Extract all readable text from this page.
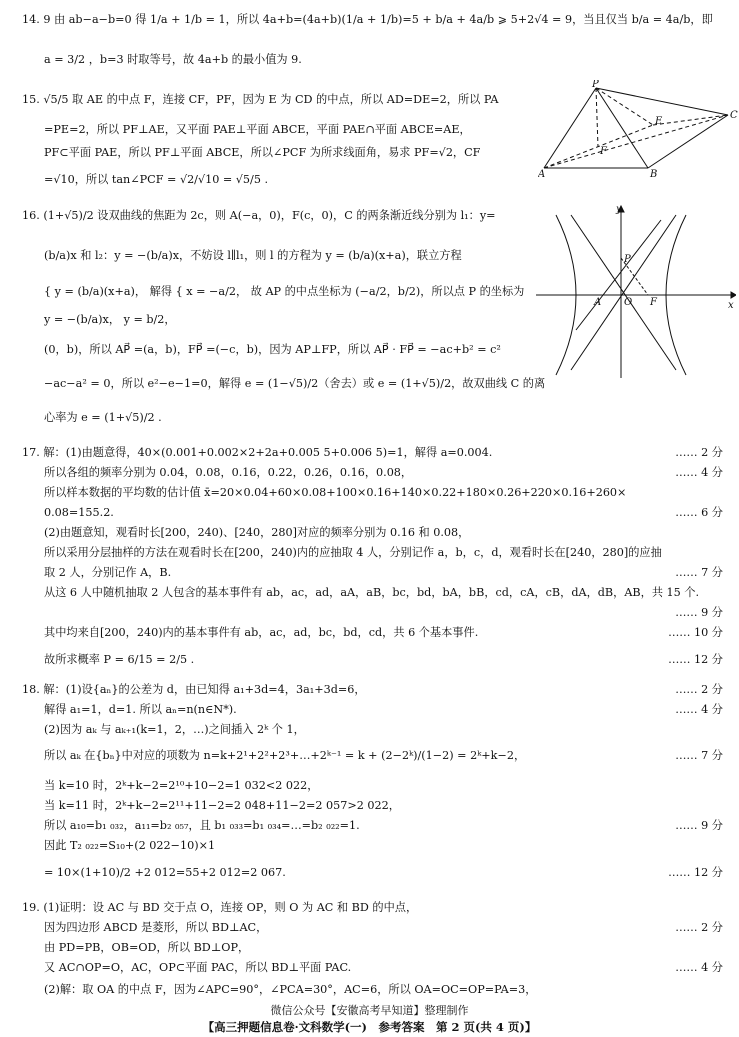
14. 9 由 ab−a−b=0 得 1/a + 1/b = 1，所以 4a+b=(4a+b)(1/a + 1/b)=5 + b/a + 4a/b ⩾ 5+2√4 = 9，当且仅当 b/a = 4a/b，即
a = 3/2 ，b=3 时取等号，故 4a+b 的最小值为 9.
15. √5/5 取 AE 的中点 F，连接 CF，PF，因为 E 为 CD 的中点，所以 AD=DE=2，所以 PA
=PE=2，所以 PF⊥AE，又平面 PAE⊥平面 ABCE，平面 PAE∩平面 ABCE=AE，
PF⊂平面 PAE，所以 PF⊥平面 ABCE，所以∠PCF 为所求线面角，易求 PF=√2，CF
=√10，所以 tan∠PCF = √2/√10 = √5/5 .
P
C
E
F
A	B
16. (1+√5)/2 设双曲线的焦距为 2c，则 A(−a，0)，F(c，0)，C 的两条渐近线分别为 l₁：y=
(b/a)x 和 l₂：y = −(b/a)x，不妨设 l∥l₁，则 l 的方程为 y = (b/a)(x+a)，联立方程
{ y = (b/a)(x+a)， 解得 { x = −a/2， 故 AP 的中点坐标为 (−a/2，b/2)，所以点 P 的坐标为
y = −(b/a)x， y = b/2，
(0，b)，所以 AP⃗ =(a，b)，FP⃗ =(−c，b)，因为 AP⊥FP，所以 AP⃗ · FP⃗ = −ac+b² = c²
−ac−a² = 0，所以 e²−e−1=0，解得 e = (1−√5)/2（舍去）或 e = (1+√5)/2，故双曲线 C 的离
心率为 e = (1+√5)/2 .
y
P
A O F	x
17. 解：(1)由题意得，40×(0.001+0.002×2+2a+0.005 5+0.006 5)=1，解得 a=0.004.	…… 2 分
所以各组的频率分别为 0.04，0.08，0.16，0.22，0.26，0.16，0.08，	…… 4 分
所以样本数据的平均数的估计值 x̄=20×0.04+60×0.08+100×0.16+140×0.22+180×0.26+220×0.16+260×
0.08=155.2.	…… 6 分
(2)由题意知，观看时长[200，240)、[240，280]对应的频率分别为 0.16 和 0.08，
所以采用分层抽样的方法在观看时长在[200，240)内的应抽取 4 人，分别记作 a，b，c，d，观看时长在[240，280]的应抽
取 2 人，分别记作 A，B.	…… 7 分
从这 6 人中随机抽取 2 人包含的基本事件有 ab，ac，ad，aA，aB，bc，bd，bA，bB，cd，cA，cB，dA，dB，AB，共 15 个.
…… 9 分
其中均来自[200，240)内的基本事件有 ab，ac，ad，bc，bd，cd，共 6 个基本事件.	…… 10 分
故所求概率 P = 6/15 = 2/5 .	…… 12 分
18. 解：(1)设{aₙ}的公差为 d，由已知得 a₁+3d=4，3a₁+3d=6，	…… 2 分
解得 a₁=1，d=1. 所以 aₙ=n(n∈N*).	…… 4 分
(2)因为 aₖ 与 aₖ₊₁(k=1，2，…)之间插入 2ᵏ 个 1，
所以 aₖ 在{bₙ}中对应的项数为 n=k+2¹+2²+2³+…+2ᵏ⁻¹ = k + (2−2ᵏ)/(1−2) = 2ᵏ+k−2，	…… 7 分
当 k=10 时，2ᵏ+k−2=2¹⁰+10−2=1 032<2 022，
当 k=11 时，2ᵏ+k−2=2¹¹+11−2=2 048+11−2=2 057>2 022，
所以 a₁₀=b₁ ₀₃₂，a₁₁=b₂ ₀₅₇，且 b₁ ₀₃₃=b₁ ₀₃₄=…=b₂ ₀₂₂=1.	…… 9 分
因此 T₂ ₀₂₂=S₁₀+(2 022−10)×1
= 10×(1+10)/2 +2 012=55+2 012=2 067.	…… 12 分
19. (1)证明：设 AC 与 BD 交于点 O，连接 OP，则 O 为 AC 和 BD 的中点，
因为四边形 ABCD 是菱形，所以 BD⊥AC，	…… 2 分
由 PD=PB，OB=OD，所以 BD⊥OP，
又 AC∩OP=O，AC，OP⊂平面 PAC，所以 BD⊥平面 PAC.	…… 4 分
(2)解：取 OA 的中点 F，因为∠APC=90°，∠PCA=30°，AC=6，所以 OA=OC=OP=PA=3，
微信公众号【安徽高考早知道】整理制作
【高三押题信息卷·文科数学(一)　参考答案　第 2 页(共 4 页)】
